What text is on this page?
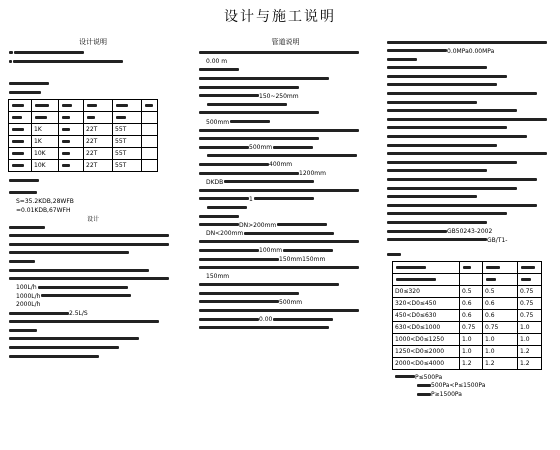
设计与施工说明
设计说明

	1K		22T	55T	
	1K		22T	55T	
	10K		22T	55T	
	10K		22T	55T	
S=35.2KDB,28WFB
=0.01KDB,67WFH
设计
100L/h
1000L/h
2000L/h
2.5L/S
管道说明
0.00 m
150~250mm
500mm
500mm
400mm
1200mm
DKDB
1
DN>200mm
DN<200mm
100mm
150mm150mm
150mm
500mm
0.00
0.0MPa0.00MPa
GB50243-2002
GB/T1-

D0≤320	0.5	0.5	0.75
320<D0≤450	0.6	0.6	0.75
450<D0≤630	0.6	0.6	0.75
630<D0≤1000	0.75	0.75	1.0
1000<D0≤1250	1.0	1.0	1.0
1250<D0≤2000	1.0	1.0	1.2
2000<D0≤4000	1.2	1.2	1.2
P≤500Pa
500Pa<P≤1500Pa
P≥1500Pa
